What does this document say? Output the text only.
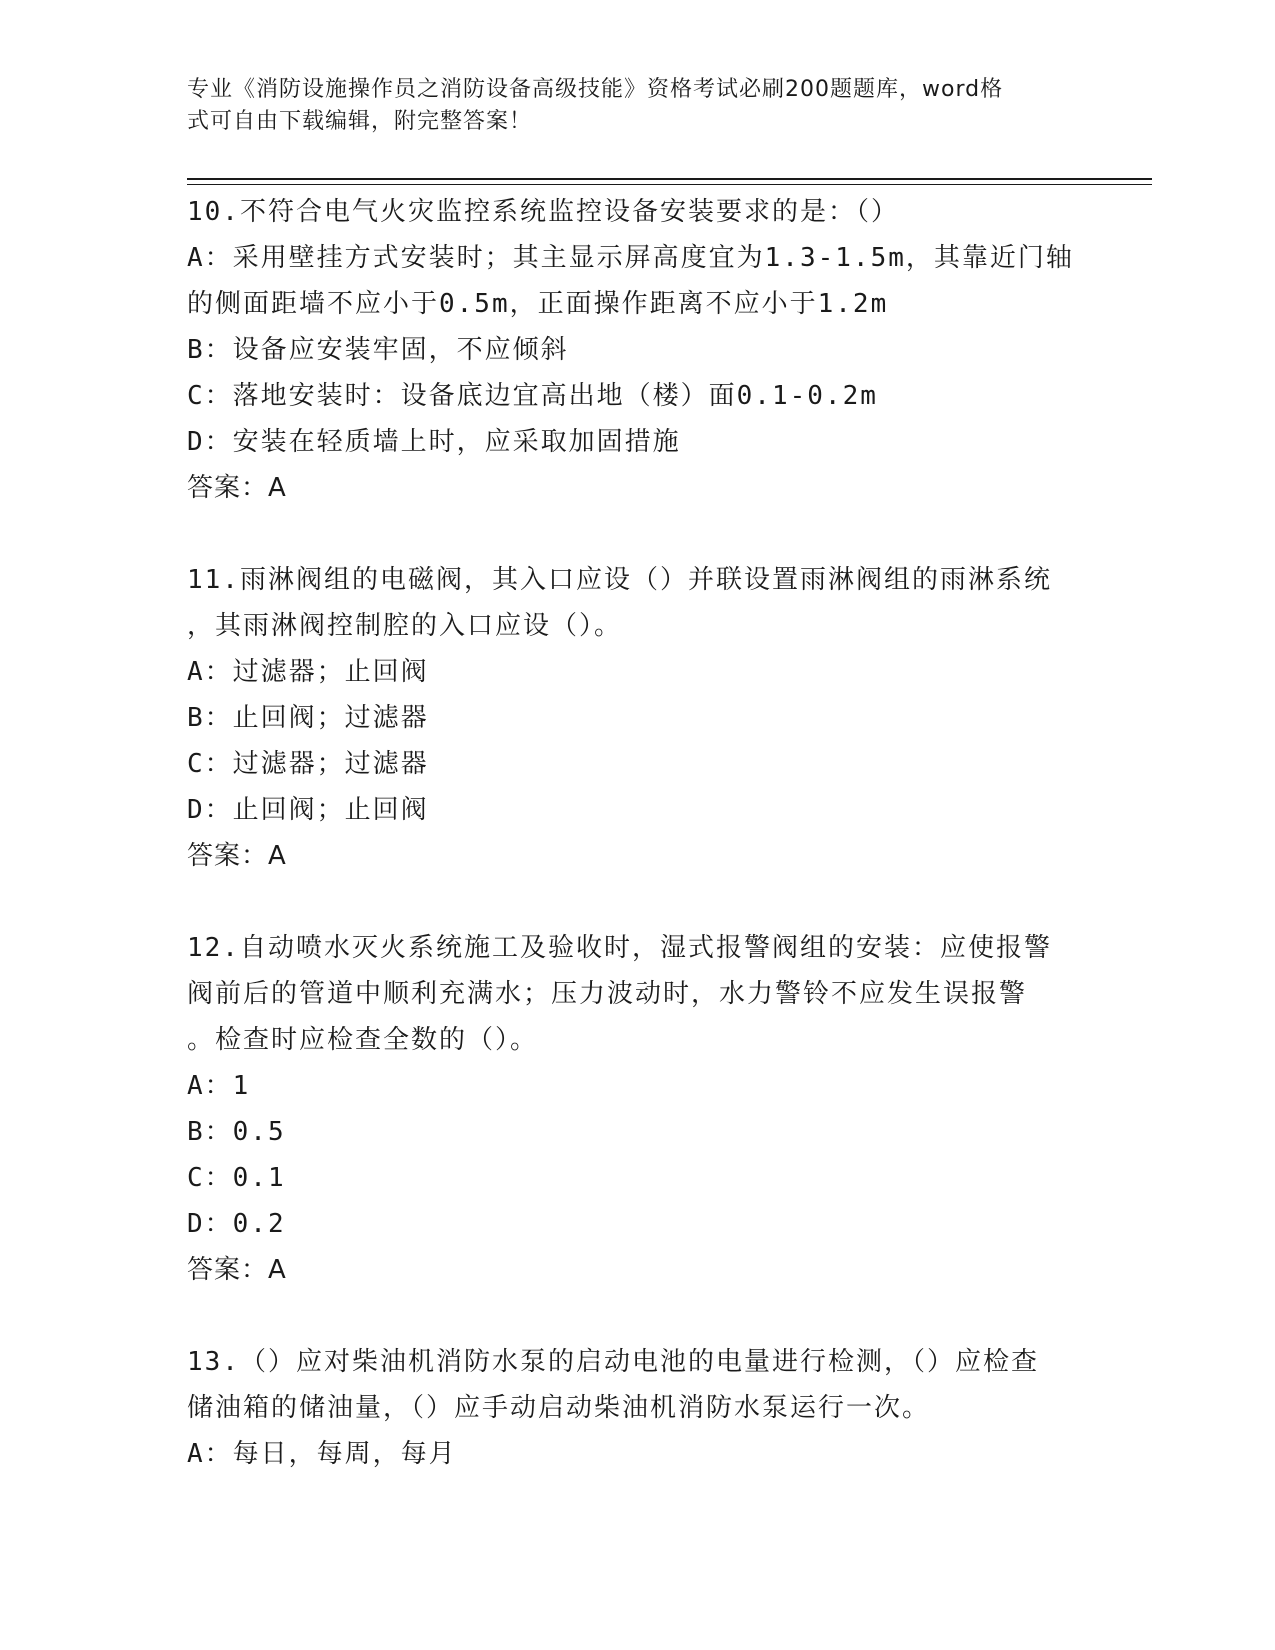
专业《消防设施操作员之消防设备高级技能》资格考试必刷200题题库，word格
式可自由下载编辑，附完整答案！
10.不符合电气火灾监控系统监控设备安装要求的是：（）
A：采用壁挂方式安装时；其主显示屏高度宜为1.3-1.5m，其靠近门轴
的侧面距墙不应小于0.5m，正面操作距离不应小于1.2m
B：设备应安装牢固，不应倾斜
C：落地安装时：设备底边宜高出地（楼）面0.1-0.2m
D：安装在轻质墙上时，应采取加固措施
答案：A
11.雨淋阀组的电磁阀，其入口应设（）并联设置雨淋阀组的雨淋系统
，其雨淋阀控制腔的入口应设（）。
A：过滤器；止回阀
B：止回阀；过滤器
C：过滤器；过滤器
D：止回阀；止回阀
答案：A
12.自动喷水灭火系统施工及验收时，湿式报警阀组的安装：应使报警
阀前后的管道中顺利充满水；压力波动时，水力警铃不应发生误报警
。检查时应检查全数的（）。
A：1
B：0.5
C：0.1
D：0.2
答案：A
13.（）应对柴油机消防水泵的启动电池的电量进行检测，（）应检查
储油箱的储油量，（）应手动启动柴油机消防水泵运行一次。
A：每日，每周，每月
